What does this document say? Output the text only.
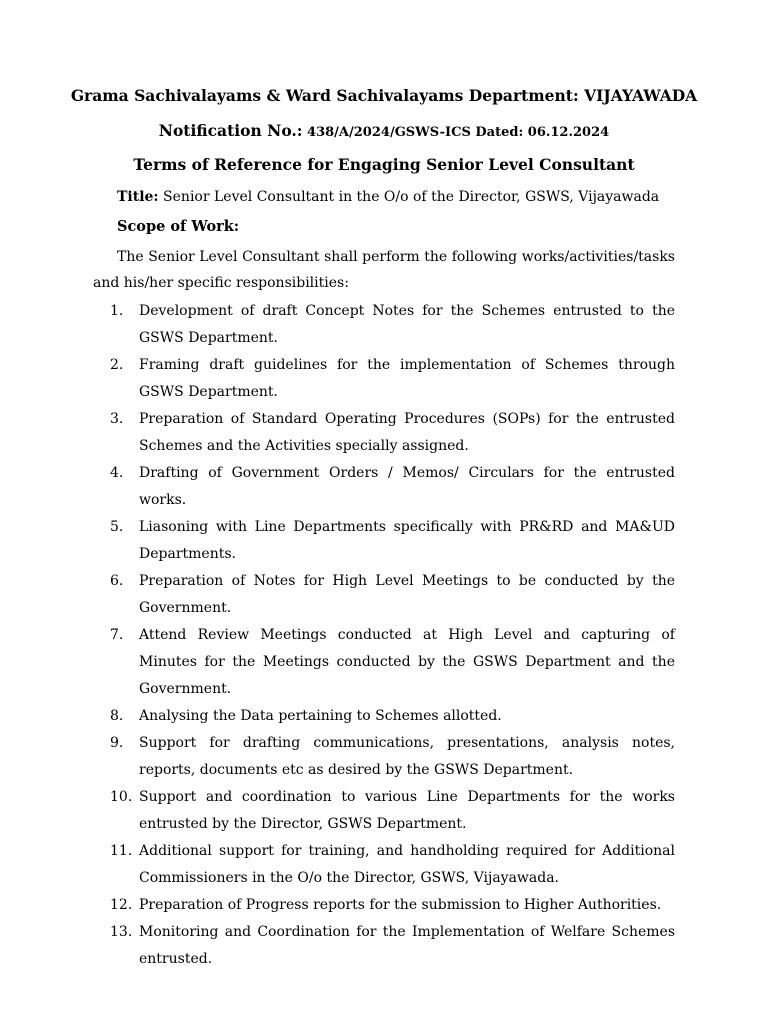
Grama Sachivalayams & Ward Sachivalayams Department: VIJAYAWADA
Notification No.: 438/A/2024/GSWS-ICS Dated: 06.12.2024
Terms of Reference for Engaging Senior Level Consultant
Title: Senior Level Consultant in the O/o of the Director, GSWS, Vijayawada
Scope of Work:

The Senior Level Consultant shall perform the following works/activities/tasks and his/her specific responsibilities:

1.	Development of draft Concept Notes for the Schemes entrusted to the GSWS Department.
2.	Framing draft guidelines for the implementation of Schemes through GSWS Department.
3.	Preparation of Standard Operating Procedures (SOPs) for the entrusted Schemes and the Activities specially assigned.
4.	Drafting of Government Orders / Memos/ Circulars for the entrusted works.
5.	Liasoning with Line Departments specifically with PR&RD and MA&UD Departments.
6.	Preparation of Notes for High Level Meetings to be conducted by the Government.
7.	Attend Review Meetings conducted at High Level and capturing of Minutes for the Meetings conducted by the GSWS Department and the Government.
8.	Analysing the Data pertaining to Schemes allotted.
9.	Support for drafting communications, presentations, analysis notes, reports, documents etc as desired by the GSWS Department.
10. Support and coordination to various Line Departments for the works entrusted by the Director, GSWS Department.
11. Additional support for training, and handholding required for Additional Commissioners in the O/o the Director, GSWS, Vijayawada.
12. Preparation of Progress reports for the submission to Higher Authorities.
13. Monitoring and Coordination for the Implementation of Welfare Schemes entrusted.
